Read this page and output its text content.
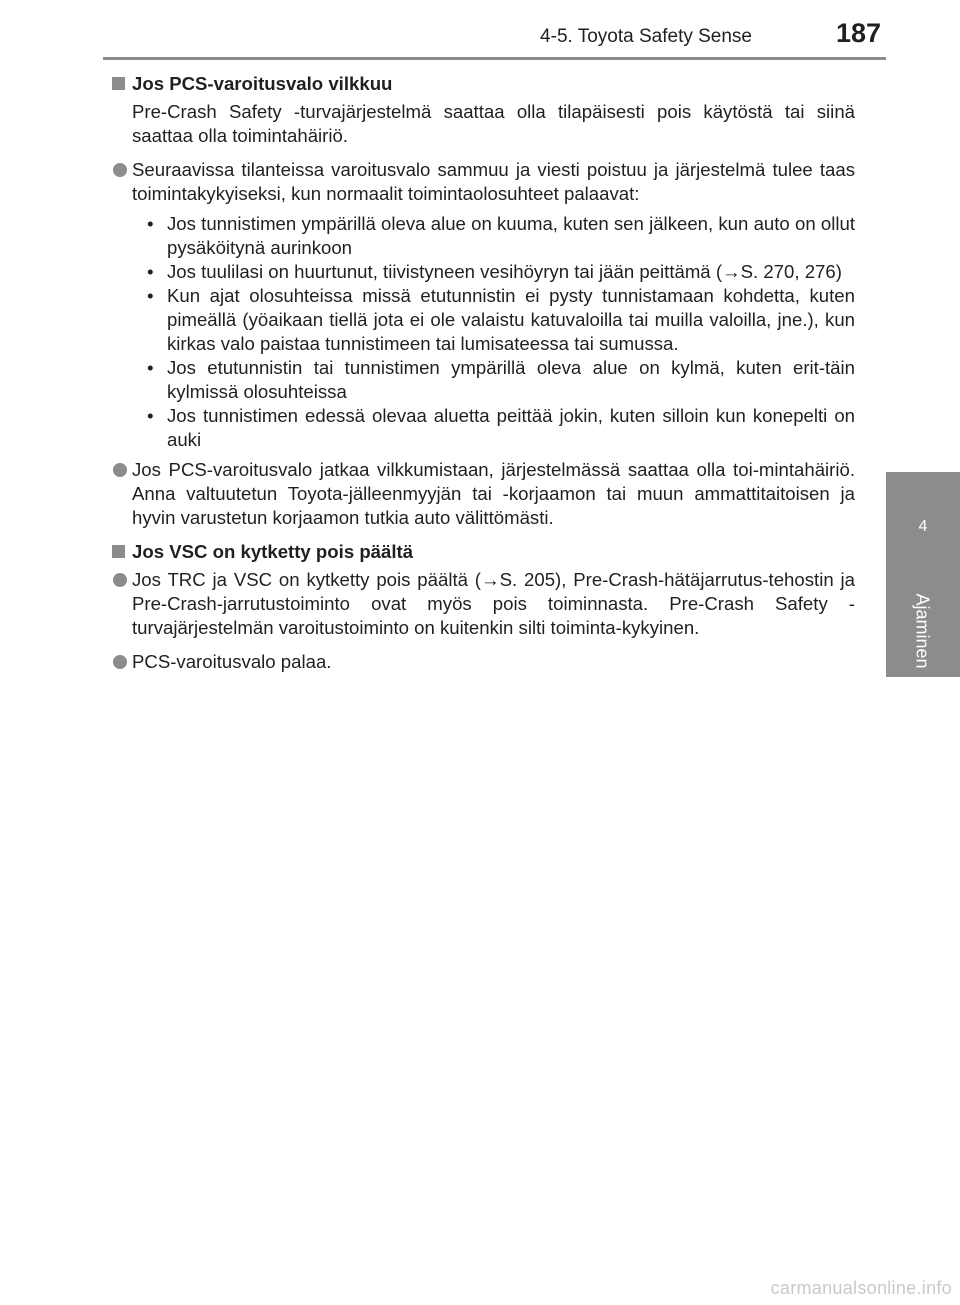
4-5. Toyota Safety Sense	187
4
Ajaminen
Jos PCS-varoitusvalo vilkkuu

Pre-Crash Safety -turvajärjestelmä saattaa olla tilapäisesti pois käytöstä tai siinä saattaa olla toimintahäiriö.

Seuraavissa tilanteissa varoitusvalo sammuu ja viesti poistuu ja järjestelmä tulee taas toimintakykyiseksi, kun normaalit toimintaolosuhteet palaavat:
• Jos tunnistimen ympärillä oleva alue on kuuma, kuten sen jälkeen, kun auto on ollut pysäköitynä aurinkoon
• Jos tuulilasi on huurtunut, tiivistyneen vesihöyryn tai jään peittämä (→S. 270, 276)
• Kun ajat olosuhteissa missä etutunnistin ei pysty tunnistamaan kohdetta, kuten pimeällä (yöaikaan tiellä jota ei ole valaistu katuvaloilla tai muilla valoilla, jne.), kun kirkas valo paistaa tunnistimeen tai lumisateessa tai sumussa.
• Jos etutunnistin tai tunnistimen ympärillä oleva alue on kylmä, kuten erit-täin kylmissä olosuhteissa
• Jos tunnistimen edessä olevaa aluetta peittää jokin, kuten silloin kun konepelti on auki
Jos PCS-varoitusvalo jatkaa vilkkumistaan, järjestelmässä saattaa olla toi-mintahäiriö. Anna valtuutetun Toyota-jälleenmyyjän tai -korjaamon tai muun ammattitaitoisen ja hyvin varustetun korjaamon tutkia auto välittömästi.
Jos VSC on kytketty pois päältä
Jos TRC ja VSC on kytketty pois päältä (→S. 205), Pre-Crash-hätäjarrutus-tehostin ja Pre-Crash-jarrutustoiminto ovat myös pois toiminnasta. Pre-Crash Safety -turvajärjestelmän varoitustoiminto on kuitenkin silti toiminta-kykyinen.
PCS-varoitusvalo palaa.
carmanualsonline.info
